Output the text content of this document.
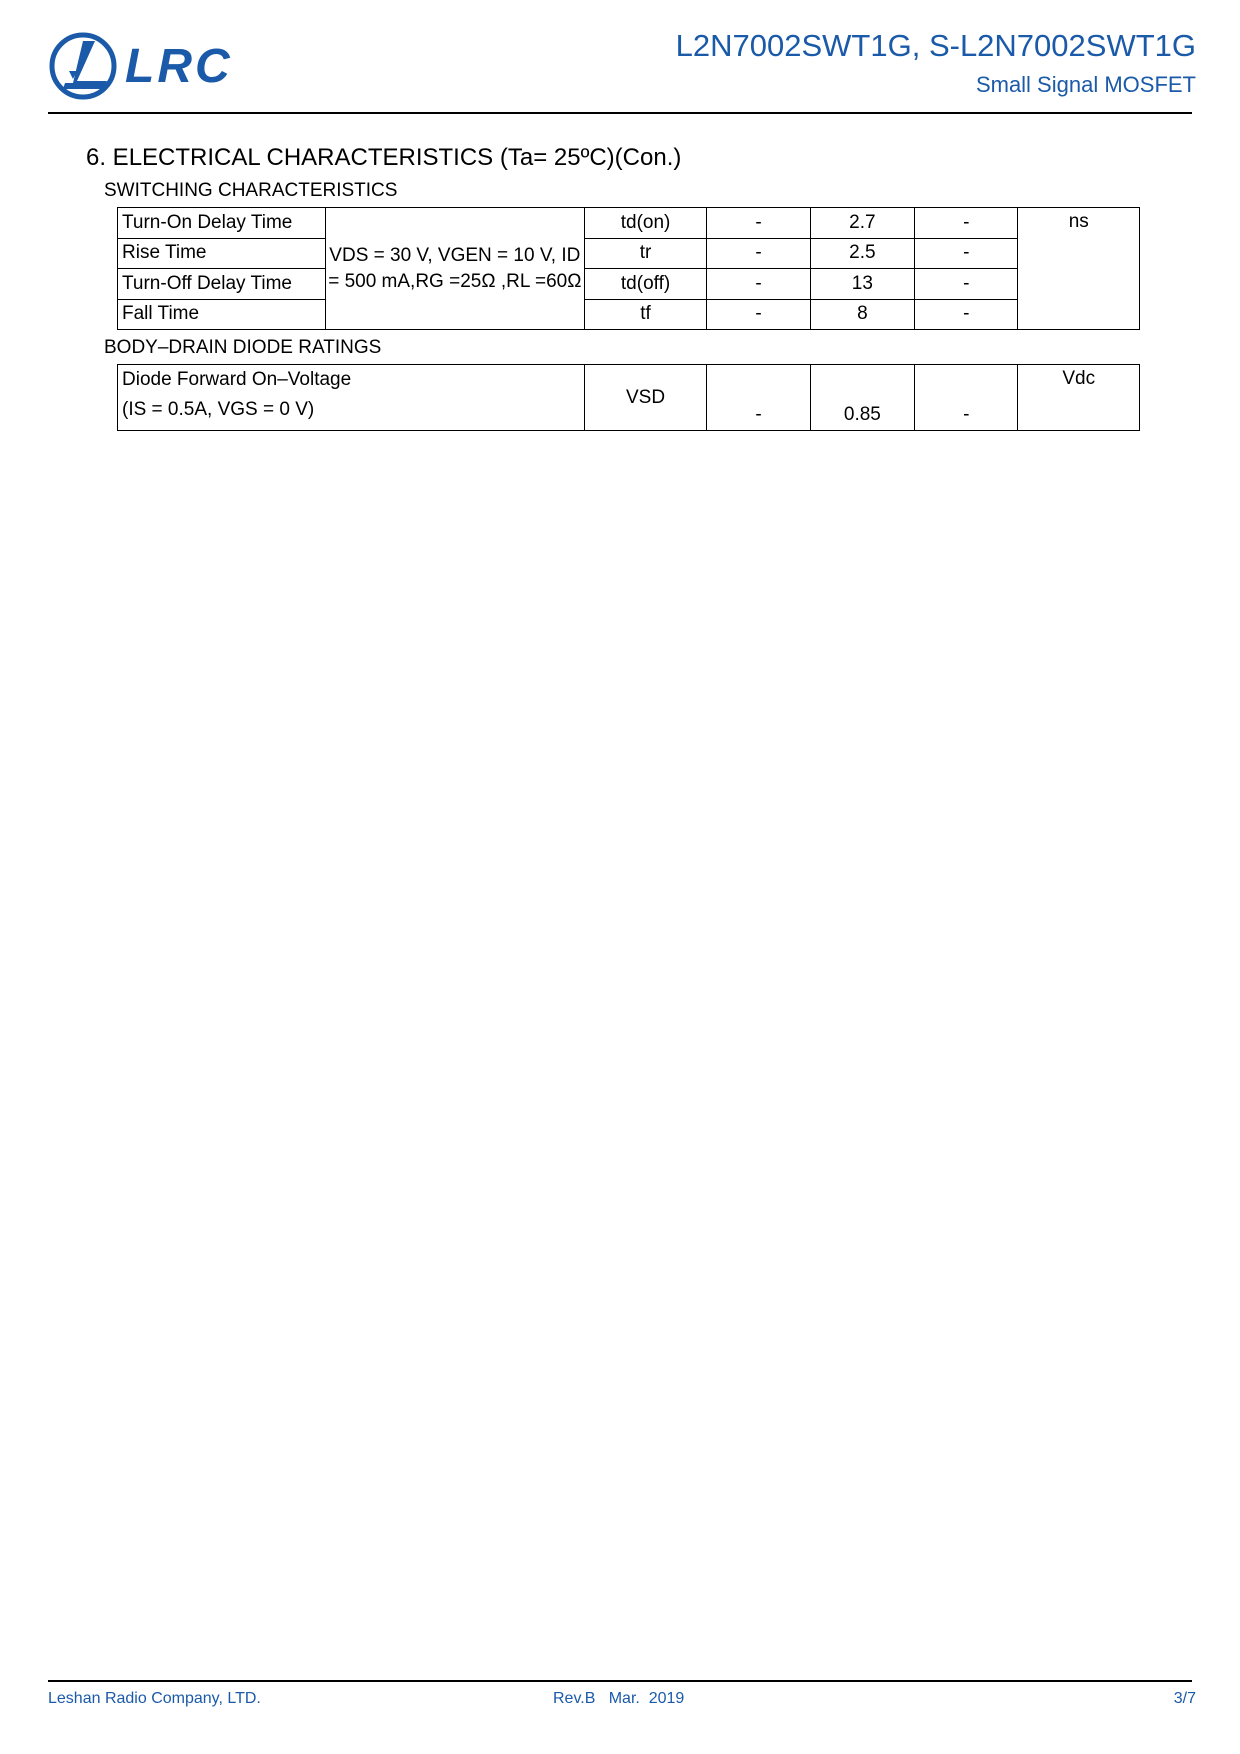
LRC	L2N7002SWT1G, S-L2N7002SWT1G
Small Signal MOSFET
6. ELECTRICAL CHARACTERISTICS (Ta= 25ºC)(Con.)
SWITCHING CHARACTERISTICS
Turn-On Delay Time	VDS = 30 V, VGEN = 10 V, ID = 500 mA,RG =25Ω ,RL =60Ω	td(on)	-	2.7	-	ns
Rise Time		tr	-	2.5	-	
Turn-Off Delay Time		td(off)	-	13	-	
Fall Time		tf	-	8	-	
BODY–DRAIN DIODE RATINGS
Diode Forward On–Voltage
(IS = 0.5A, VGS = 0 V)
	VSD	-	0.85	-	Vdc
Leshan Radio Company, LTD.	Rev.B   Mar.  2019	3/7
